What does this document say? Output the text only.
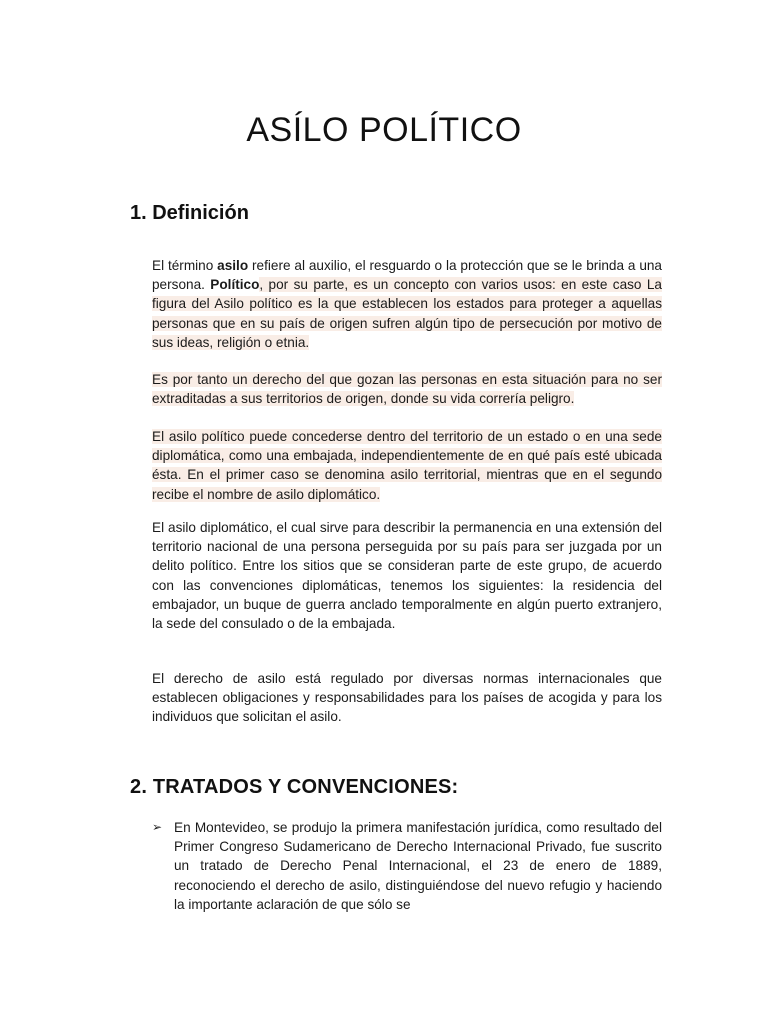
ASÍLO POLÍTICO
1. Definición
El término asilo refiere al auxilio, el resguardo o la protección que se le brinda a una persona. Político, por su parte, es un concepto con varios usos: en este caso La figura del Asilo político es la que establecen los estados para proteger a aquellas personas que en su país de origen sufren algún tipo de persecución por motivo de sus ideas, religión o etnia.
Es por tanto un derecho del que gozan las personas en esta situación para no ser extraditadas a sus territorios de origen, donde su vida correría peligro.
El asilo político puede concederse dentro del territorio de un estado o en una sede diplomática, como una embajada, independientemente de en qué país esté ubicada ésta. En el primer caso se denomina asilo territorial, mientras que en el segundo recibe el nombre de asilo diplomático.
El asilo diplomático, el cual sirve para describir la permanencia en una extensión del territorio nacional de una persona perseguida por su país para ser juzgada por un delito político. Entre los sitios que se consideran parte de este grupo, de acuerdo con las convenciones diplomáticas, tenemos los siguientes: la residencia del embajador, un buque de guerra anclado temporalmente en algún puerto extranjero, la sede del consulado o de la embajada.
El derecho de asilo está regulado por diversas normas internacionales que establecen obligaciones y responsabilidades para los países de acogida y para los individuos que solicitan el asilo.
2. TRATADOS Y CONVENCIONES:
➢ En Montevideo, se produjo la primera manifestación jurídica, como resultado del Primer Congreso Sudamericano de Derecho Internacional Privado, fue suscrito un tratado de Derecho Penal Internacional, el 23 de enero de 1889, reconociendo el derecho de asilo, distinguiéndose del nuevo refugio y haciendo la importante aclaración de que sólo se
